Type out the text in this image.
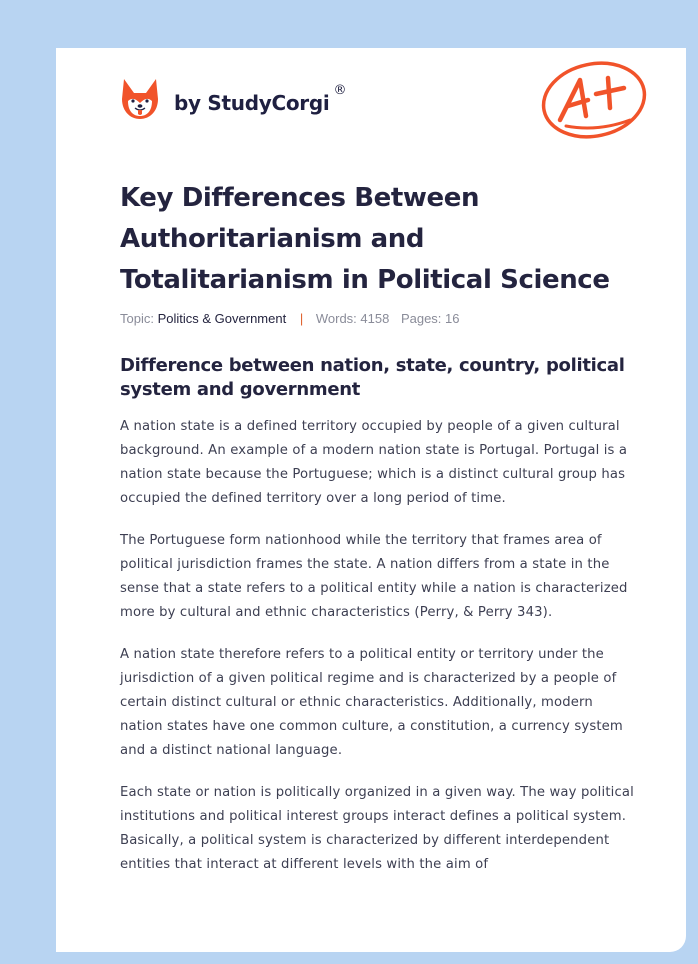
by StudyCorgi
®
Key Differences Between Authoritarianism and Totalitarianism in Political Science
Topic: Politics & Government | Words: 4158 Pages: 16
Difference between nation, state, country, political system and government

A nation state is a defined territory occupied by people of a given cultural background. An example of a modern nation state is Portugal. Portugal is a nation state because the Portuguese; which is a distinct cultural group has occupied the defined territory over a long period of time.

The Portuguese form nationhood while the territory that frames area of political jurisdiction frames the state. A nation differs from a state in the sense that a state refers to a political entity while a nation is characterized more by cultural and ethnic characteristics (Perry, & Perry 343).

A nation state therefore refers to a political entity or territory under the jurisdiction of a given political regime and is characterized by a people of certain distinct cultural or ethnic characteristics. Additionally, modern nation states have one common culture, a constitution, a currency system and a distinct national language.

Each state or nation is politically organized in a given way. The way political institutions and political interest groups interact defines a political system. Basically, a political system is characterized by different interdependent entities that interact at different levels with the aim of
